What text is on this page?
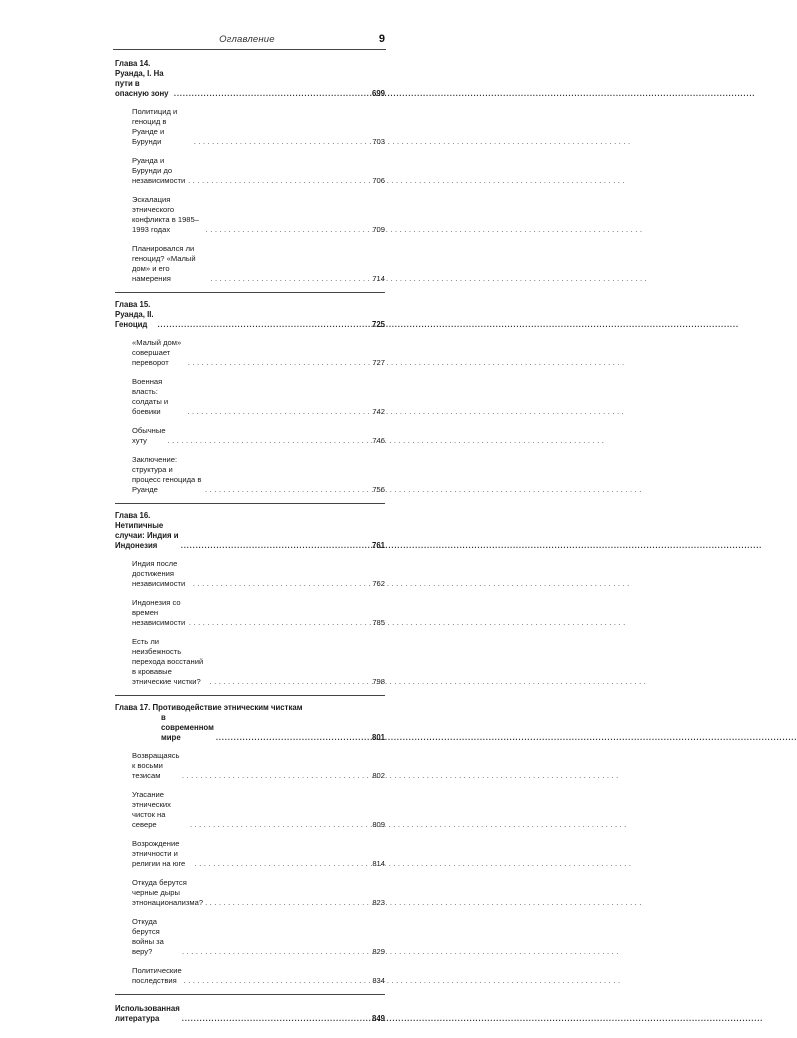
Оглавление	9
Глава 14. Руанда, I. На пути в опасную зону .....	699
Политицид и геноцид в Руанде и Бурунди . . .	703
Руанда и Бурунди до независимости . . .	706
Эскалация этнического конфликта в 1985–1993 годах . . .	709
Планировался ли геноцид? «Малый дом» и его намерения . . .	714
Глава 15. Руанда, II. Геноцид .....	725
«Малый дом» совершает переворот . . .	727
Военная власть: солдаты и боевики . . .	742
Обычные хуту . . .	746
Заключение: структура и процесс геноцида в Руанде . . .	756
Глава 16. Нетипичные случаи: Индия и Индонезия .....	761
Индия после достижения независимости . . .	762
Индонезия со времен независимости . . .	785
Есть ли неизбежность перехода восстаний в кровавые этнические чистки? . . .	798
Глава 17. Противодействие этническим чисткам
в современном мире .....	801
Возвращаясь к восьми тезисам . . .	802
Угасание этнических чисток на севере . . .	809
Возрождение этничности и религии на юге . . .	814
Откуда берутся черные дыры этнонационализма? . . .	823
Откуда берутся войны за веру? . . .	829
Политические последствия . . .	834
Использованная литература .....	849
